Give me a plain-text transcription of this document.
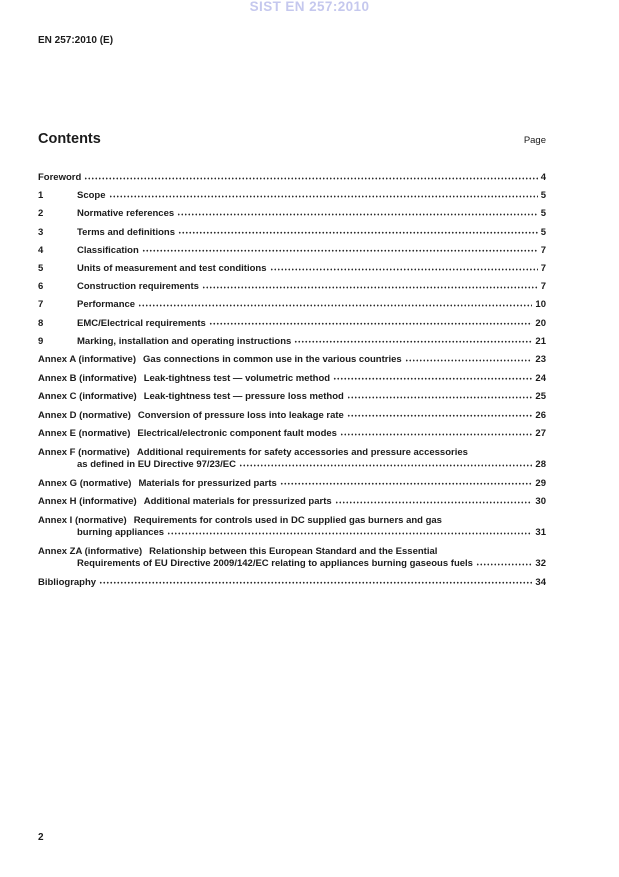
SIST EN 257:2010
EN 257:2010 (E)
Contents	Page
Foreword	4
1	Scope	5
2	Normative references	5
3	Terms and definitions	5
4	Classification	7
5	Units of measurement and test conditions	7
6	Construction requirements	7
7	Performance	10
8	EMC/Electrical requirements	20
9	Marking, installation and operating instructions	21
Annex A (informative) Gas connections in common use in the various countries	23
Annex B (informative) Leak-tightness test — volumetric method	24
Annex C (informative) Leak-tightness test — pressure loss method	25
Annex D (normative) Conversion of pressure loss into leakage rate	26
Annex E (normative) Electrical/electronic component fault modes	27
Annex F (normative) Additional requirements for safety accessories and pressure accessories
as defined in EU Directive 97/23/EC	28
Annex G (normative) Materials for pressurized parts	29
Annex H (informative) Additional materials for pressurized parts	30
Annex I (normative) Requirements for controls used in DC supplied gas burners and gas
burning appliances	31
Annex ZA (informative) Relationship between this European Standard and the Essential
Requirements of EU Directive 2009/142/EC relating to appliances burning gaseous fuels	32
Bibliography	34
2
